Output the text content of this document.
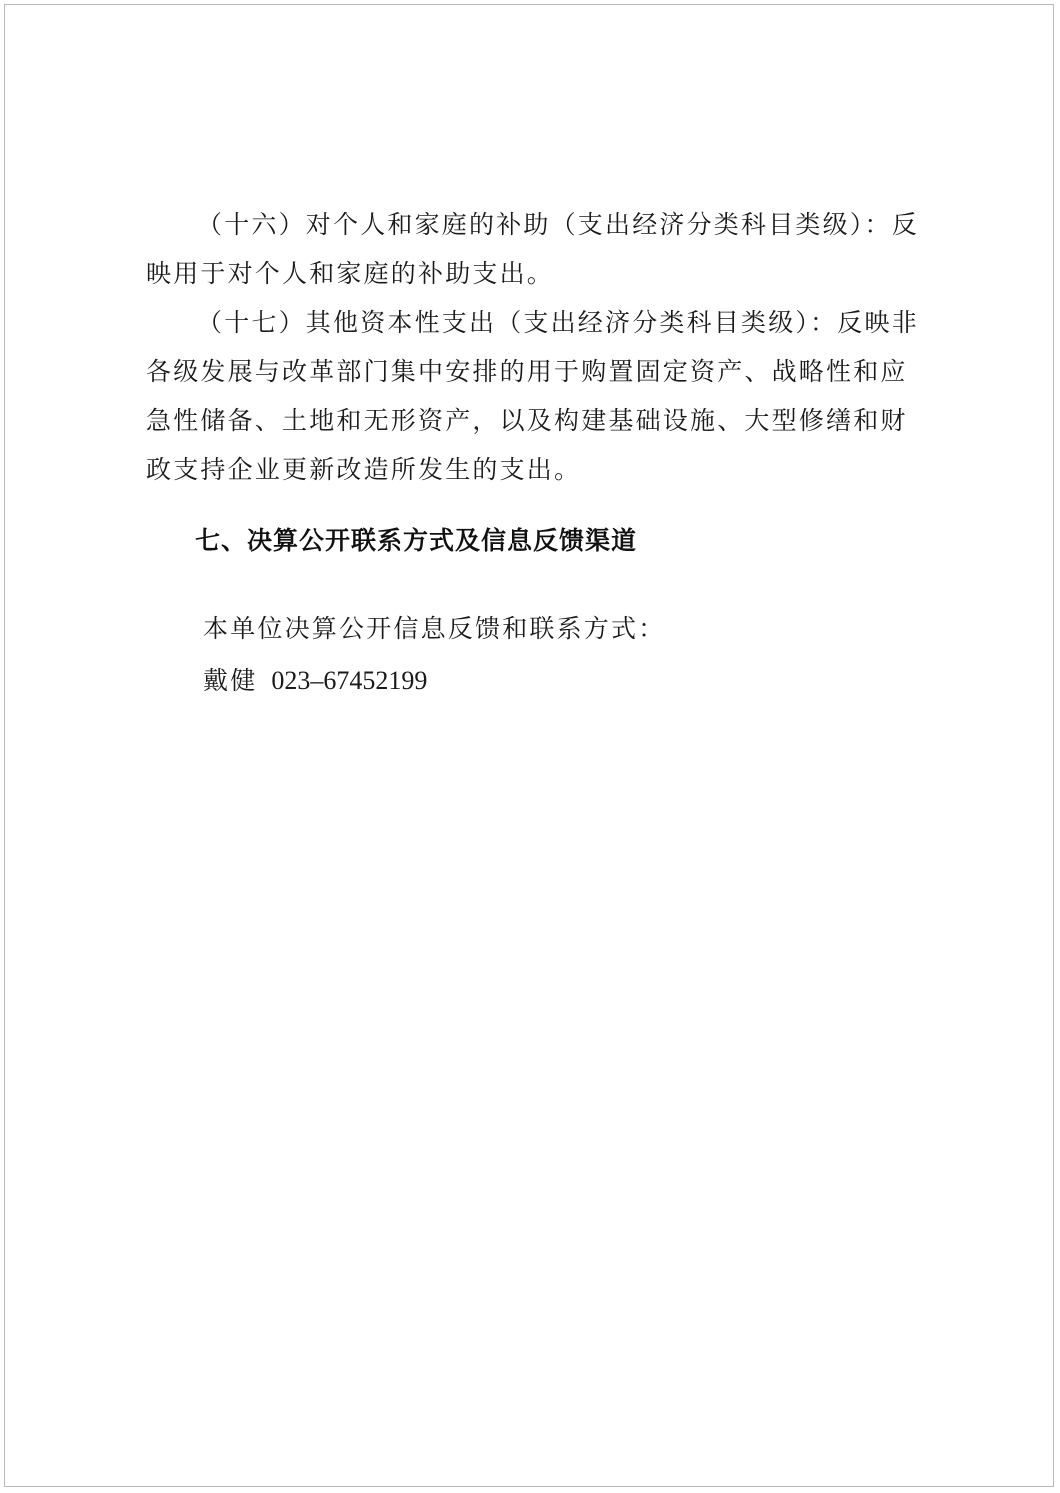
（十六）对个人和家庭的补助（支出经济分类科目类级）：反映用于对个人和家庭的补助支出。

（十七）其他资本性支出（支出经济分类科目类级）：反映非各级发展与改革部门集中安排的用于购置固定资产、战略性和应急性储备、土地和无形资产，以及构建基础设施、大型修缮和财政支持企业更新改造所发生的支出。

七、决算公开联系方式及信息反馈渠道

本单位决算公开信息反馈和联系方式：

戴健 023–67452199
